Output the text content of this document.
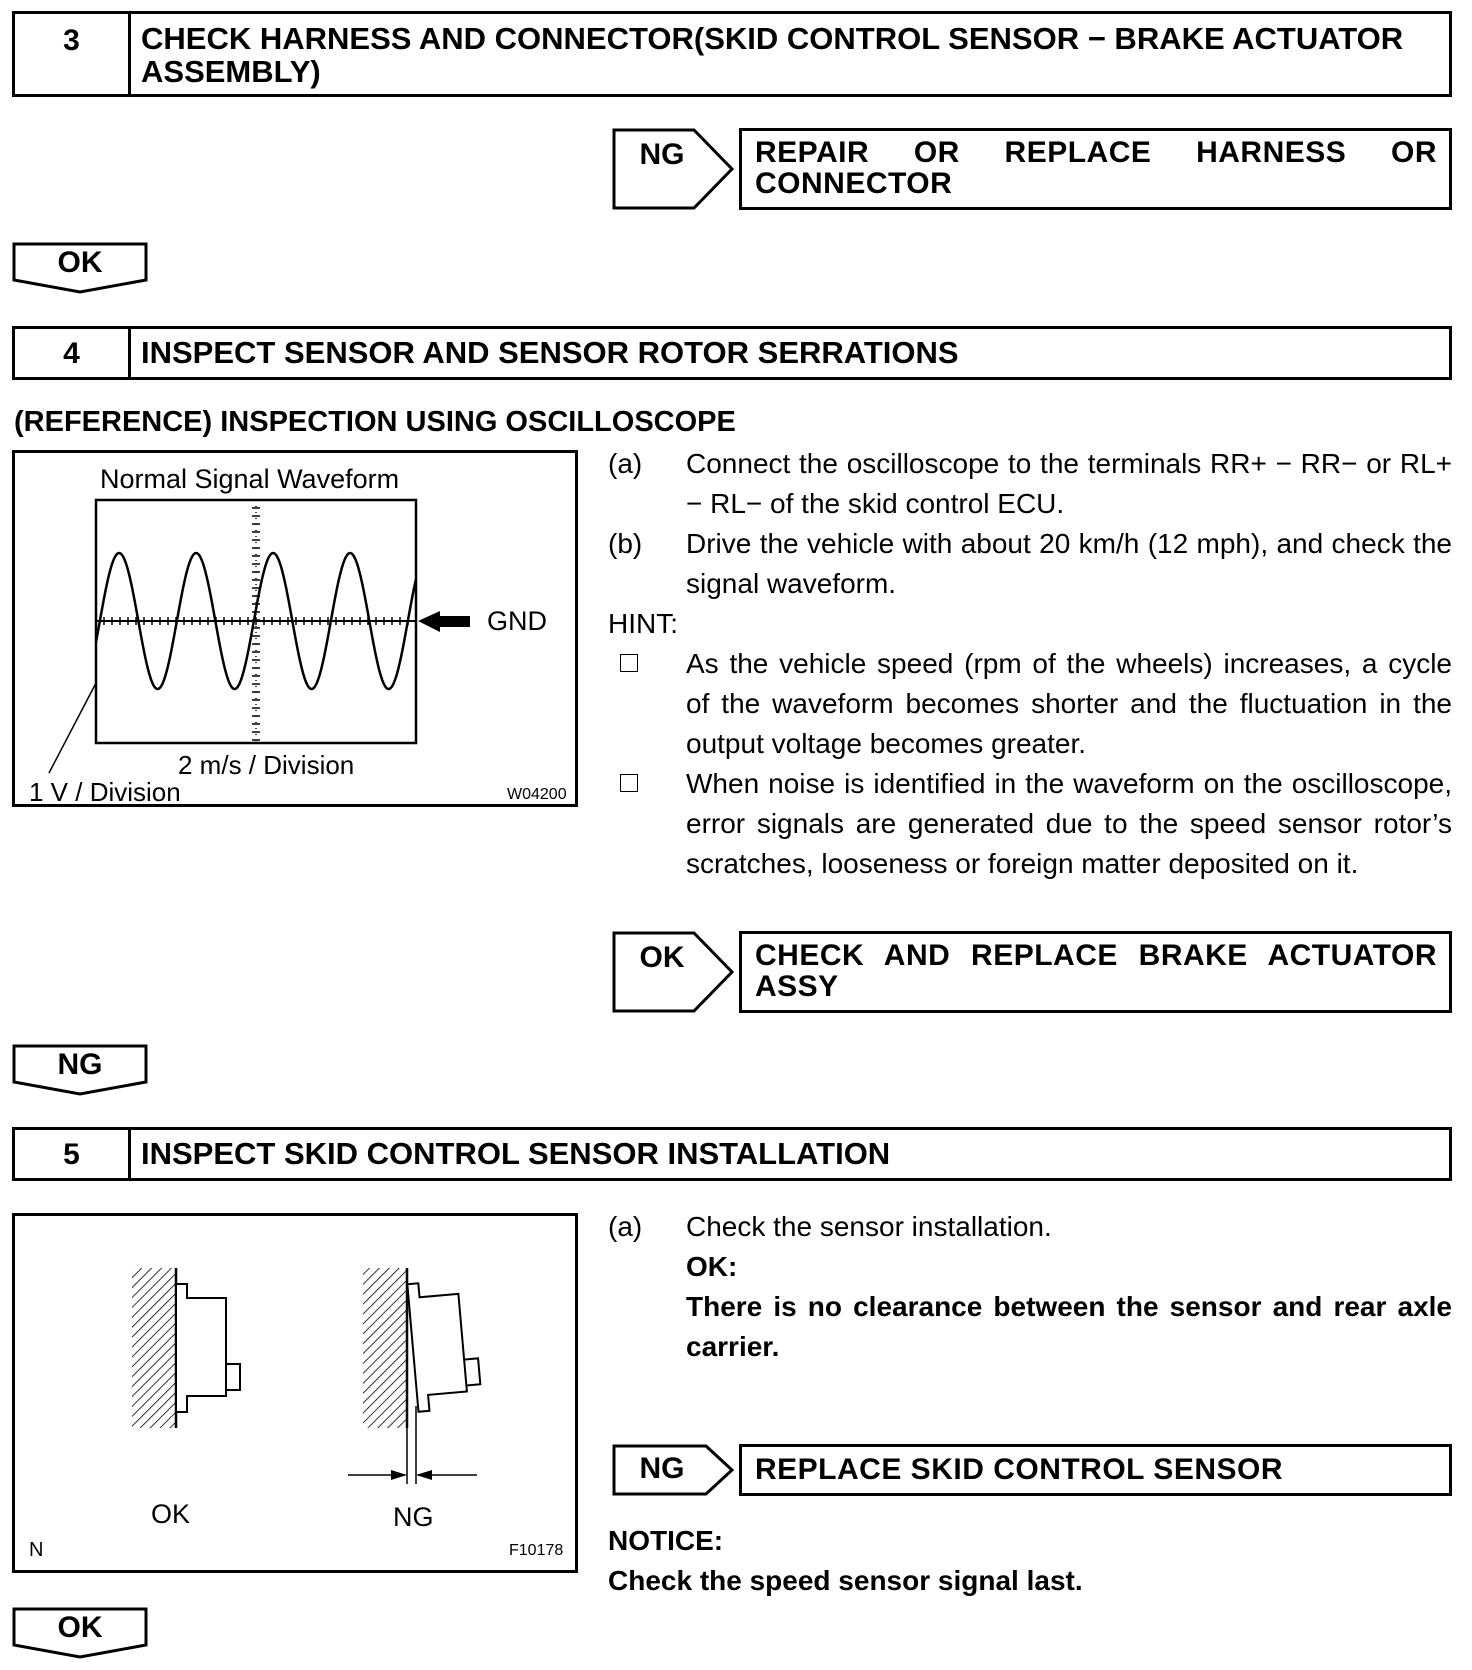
3 CHECK HARNESS AND CONNECTOR(SKID CONTROL SENSOR − BRAKE ACTUATOR ASSEMBLY)
NG	REPAIR OR REPLACE HARNESS OR CONNECTOR
OK
4 INSPECT SENSOR AND SENSOR ROTOR SERRATIONS
(REFERENCE) INSPECTION USING OSCILLOSCOPE
Normal Signal Waveform
GND
2 m/s / Division
1 V / Division	W04200
(a) Connect the oscilloscope to the terminals RR+ − RR− or RL+ − RL− of the skid control ECU.
(b) Drive the vehicle with about 20 km/h (12 mph), and check the signal waveform.
HINT:
As the vehicle speed (rpm of the wheels) increases, a cycle of the waveform becomes shorter and the fluctuation in the output voltage becomes greater.
When noise is identified in the waveform on the oscilloscope, error signals are generated due to the speed sensor rotor’s scratches, looseness or foreign matter deposited on it.
OK	CHECK AND REPLACE BRAKE ACTUATOR ASSY
NG
5 INSPECT SKID CONTROL SENSOR INSTALLATION
OK	NG
N	F10178
(a) Check the sensor installation.
OK:
There is no clearance between the sensor and rear axle carrier.
NG	REPLACE SKID CONTROL SENSOR
NOTICE:
Check the speed sensor signal last.
OK
